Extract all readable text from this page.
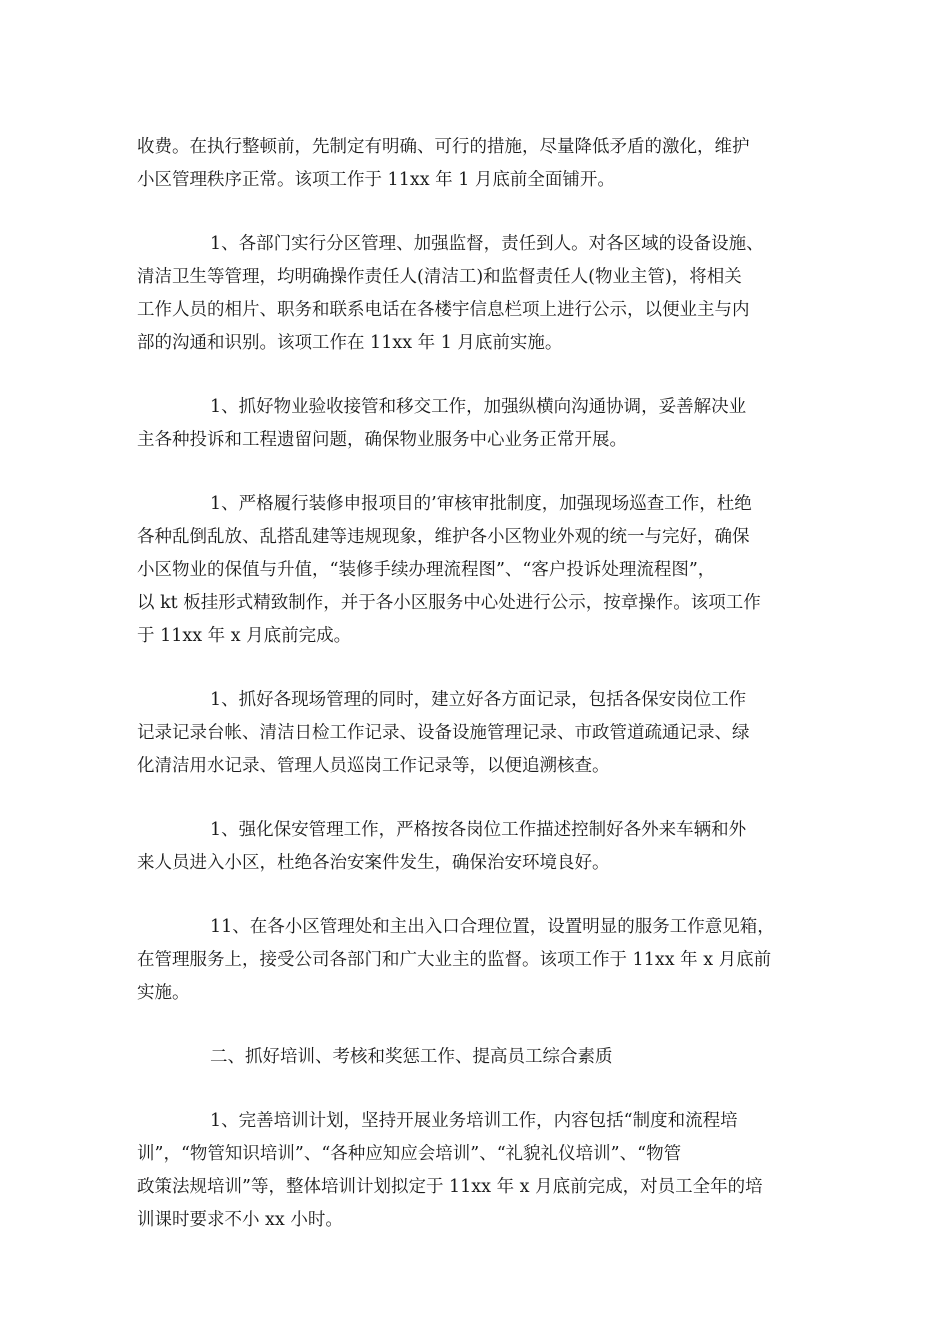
收费。在执行整顿前，先制定有明确、可行的措施，尽量降低矛盾的激化，维护
小区管理秩序正常。该项工作于 11xx 年 1 月底前全面铺开。

1、各部门实行分区管理、加强监督，责任到人。对各区域的设备设施、
清洁卫生等管理，均明确操作责任人(清洁工)和监督责任人(物业主管)，将相关
工作人员的相片、职务和联系电话在各楼宇信息栏项上进行公示，以便业主与内
部的沟通和识别。该项工作在 11xx 年 1 月底前实施。

1、抓好物业验收接管和移交工作，加强纵横向沟通协调，妥善解决业
主各种投诉和工程遗留问题，确保物业服务中心业务正常开展。

1、严格履行装修申报项目的’审核审批制度，加强现场巡查工作，杜绝
各种乱倒乱放、乱搭乱建等违规现象，维护各小区物业外观的统一与完好，确保
小区物业的保值与升值，“装修手续办理流程图”、“客户投诉处理流程图”，
以 kt 板挂形式精致制作，并于各小区服务中心处进行公示，按章操作。该项工作
于 11xx 年 x 月底前完成。

1、抓好各现场管理的同时，建立好各方面记录，包括各保安岗位工作
记录记录台帐、清洁日检工作记录、设备设施管理记录、市政管道疏通记录、绿
化清洁用水记录、管理人员巡岗工作记录等，以便追溯核查。

1、强化保安管理工作，严格按各岗位工作描述控制好各外来车辆和外
来人员进入小区，杜绝各治安案件发生，确保治安环境良好。

11、在各小区管理处和主出入口合理位置，设置明显的服务工作意见箱，
在管理服务上，接受公司各部门和广大业主的监督。该项工作于 11xx 年 x 月底前
实施。

二、抓好培训、考核和奖惩工作、提高员工综合素质

1、完善培训计划，坚持开展业务培训工作，内容包括“制度和流程培
训”，“物管知识培训”、“各种应知应会培训”、“礼貌礼仪培训”、“物管
政策法规培训”等，整体培训计划拟定于 11xx 年 x 月底前完成，对员工全年的培
训课时要求不小 xx 小时。
